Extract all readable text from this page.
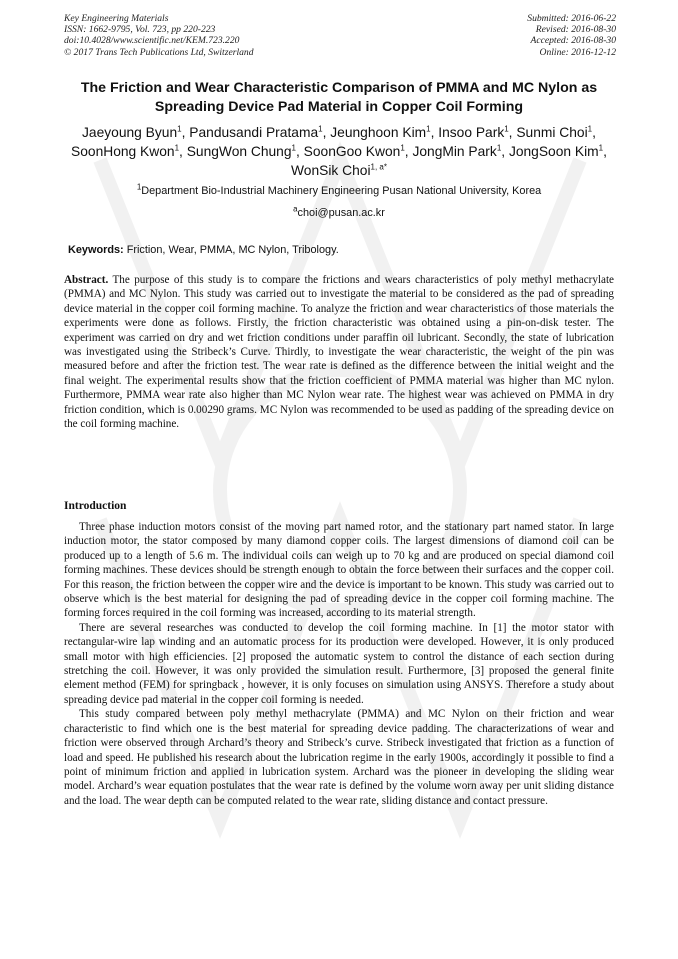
Key Engineering Materials
ISSN: 1662-9795, Vol. 723, pp 220-223
doi:10.4028/www.scientific.net/KEM.723.220
© 2017 Trans Tech Publications Ltd, Switzerland
Submitted: 2016-06-22
Revised: 2016-08-30
Accepted: 2016-08-30
Online: 2016-12-12
The Friction and Wear Characteristic Comparison of PMMA and MC Nylon as Spreading Device Pad Material in Copper Coil Forming
Jaeyoung Byun$^1$, Pandusandi Pratama$^1$, Jeunghoon Kim$^1$, Insoo Park$^1$, Sunmi Choi$^1$, SoonHong Kwon$^1$, SungWon Chung$^1$, SoonGoo Kwon$^1$, JongMin Park$^1$, JongSoon Kim$^1$, WonSik Choi$^{1, a*}$
$^1$Department Bio-Industrial Machinery Engineering Pusan National University, Korea
$^a$choi@pusan.ac.kr
Keywords: Friction, Wear, PMMA, MC Nylon, Tribology.

Abstract. The purpose of this study is to compare the frictions and wears characteristics of poly methyl methacrylate (PMMA) and MC Nylon. This study was carried out to investigate the material to be considered as the pad of spreading device material in the copper coil forming machine. To analyze the friction and wear characteristics of those materials the experiments were done as follows. Firstly, the friction characteristic was obtained using a pin-on-disk tester. The experiment was carried on dry and wet friction conditions under paraffin oil lubricant. Secondly, the state of lubrication was investigated using the Stribeck’s Curve. Thirdly, to investigate the wear characteristic, the weight of the pin was measured before and after the friction test. The wear rate is defined as the difference between the initial weight and the final weight. The experimental results show that the friction coefficient of PMMA material was higher than MC nylon. Furthermore, PMMA wear rate also higher than MC Nylon wear rate. The highest wear was achieved on PMMA in dry friction condition, which is 0.00290 grams. MC Nylon was recommended to be used as padding of the spreading device on the coil forming machine.

Introduction

Three phase induction motors consist of the moving part named rotor, and the stationary part named stator. In large induction motor, the stator composed by many diamond copper coils. The largest dimensions of diamond coil can be produced up to a length of 5.6 m. The individual coils can weigh up to 70 kg and are produced on special diamond coil forming machines. These devices should be strength enough to obtain the force between their surfaces and the copper coil. For this reason, the friction between the copper wire and the device is important to be known. This study was carried out to observe which is the best material for designing the pad of spreading device in the copper coil forming machine. The forming forces required in the coil forming was increased, according to its material strength.

There are several researches was conducted to develop the coil forming machine. In [1] the motor stator with rectangular-wire lap winding and an automatic process for its production were developed. However, it is only produced small motor with high efficiencies. [2] proposed the automatic system to control the distance of each section during stretching the coil. However, it was only provided the simulation result. Furthermore, [3] proposed the general finite element method (FEM) for springback , however, it is only focuses on simulation using ANSYS. Therefore a study about spreading device pad material in the copper coil forming is needed.

This study compared between poly methyl methacrylate (PMMA) and MC Nylon on their friction and wear characteristic to find which one is the best material for spreading device padding. The characterizations of wear and friction were observed through Archard’s theory and Stribeck’s curve. Stribeck investigated that friction as a function of load and speed. He published his research about the lubrication regime in the early 1900s, accordingly it possible to find a point of minimum friction and applied in lubrication system. Archard was the pioneer in developing the sliding wear model. Archard’s wear equation postulates that the wear rate is defined by the volume worn away per unit sliding distance and the load. The wear depth can be computed related to the wear rate, sliding distance and contact pressure.
